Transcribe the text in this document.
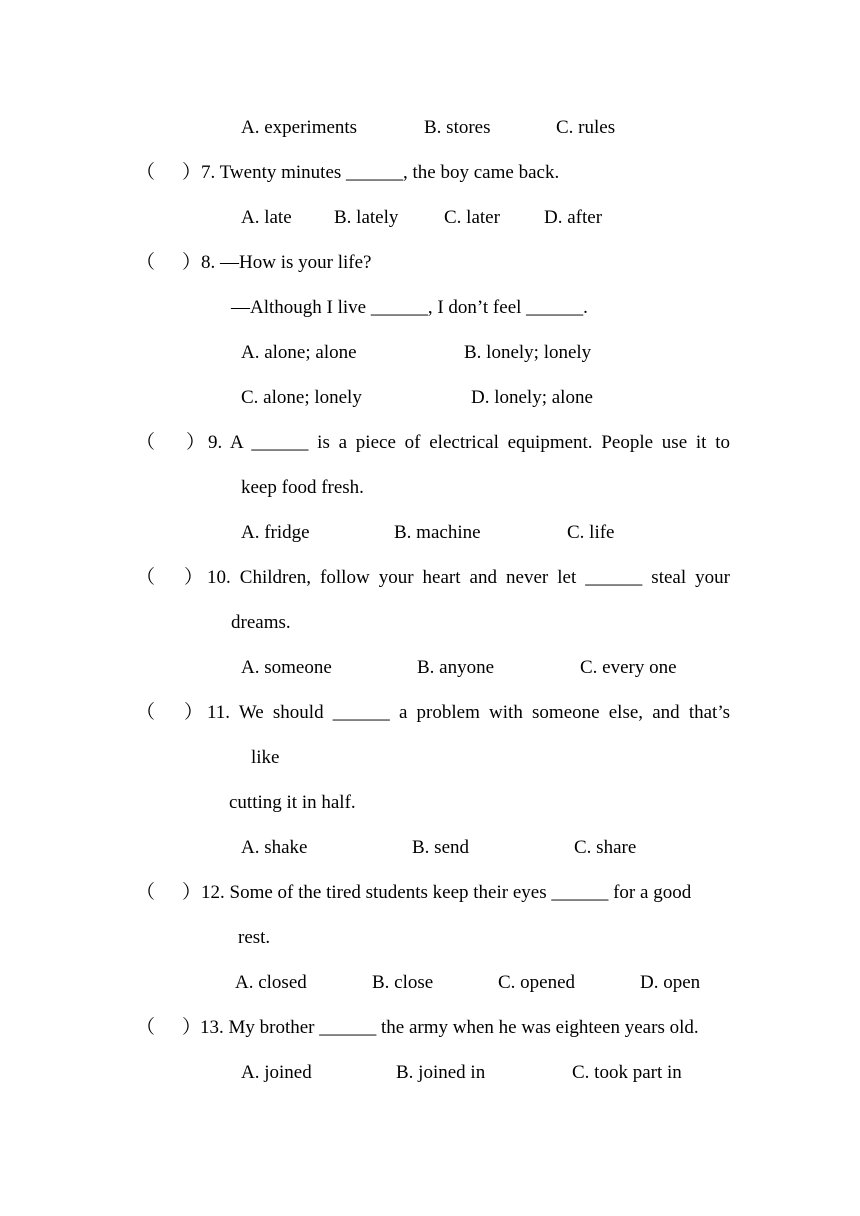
A. experiments	B. stores	C. rules
（ ） 7. Twenty minutes ______, the boy came back.
A. late B. lately C. later D. after
（ ） 8. —How is your life?
—Although I live ______, I don’t feel ______.
A. alone; alone	B. lonely; lonely
C. alone; lonely	D. lonely; alone
（ ） 9. A ______ is a piece of electrical equipment. People use it to
keep food fresh.
A. fridge	B. machine	C. life
（ ） 10. Children, follow your heart and never let ______ steal your
dreams.
A. someone	B. anyone	C. every one
（ ） 11. We should ______ a problem with someone else, and that’s
like
cutting it in half.
A. shake	B. send	C. share
（ ） 12. Some of the tired students keep their eyes ______ for a good
rest.
A. closed	B. close	C. opened	D. open
（ ）
13. My brother ______ the army when he was eighteen years old.
A. joined	B. joined in	C. took part in
